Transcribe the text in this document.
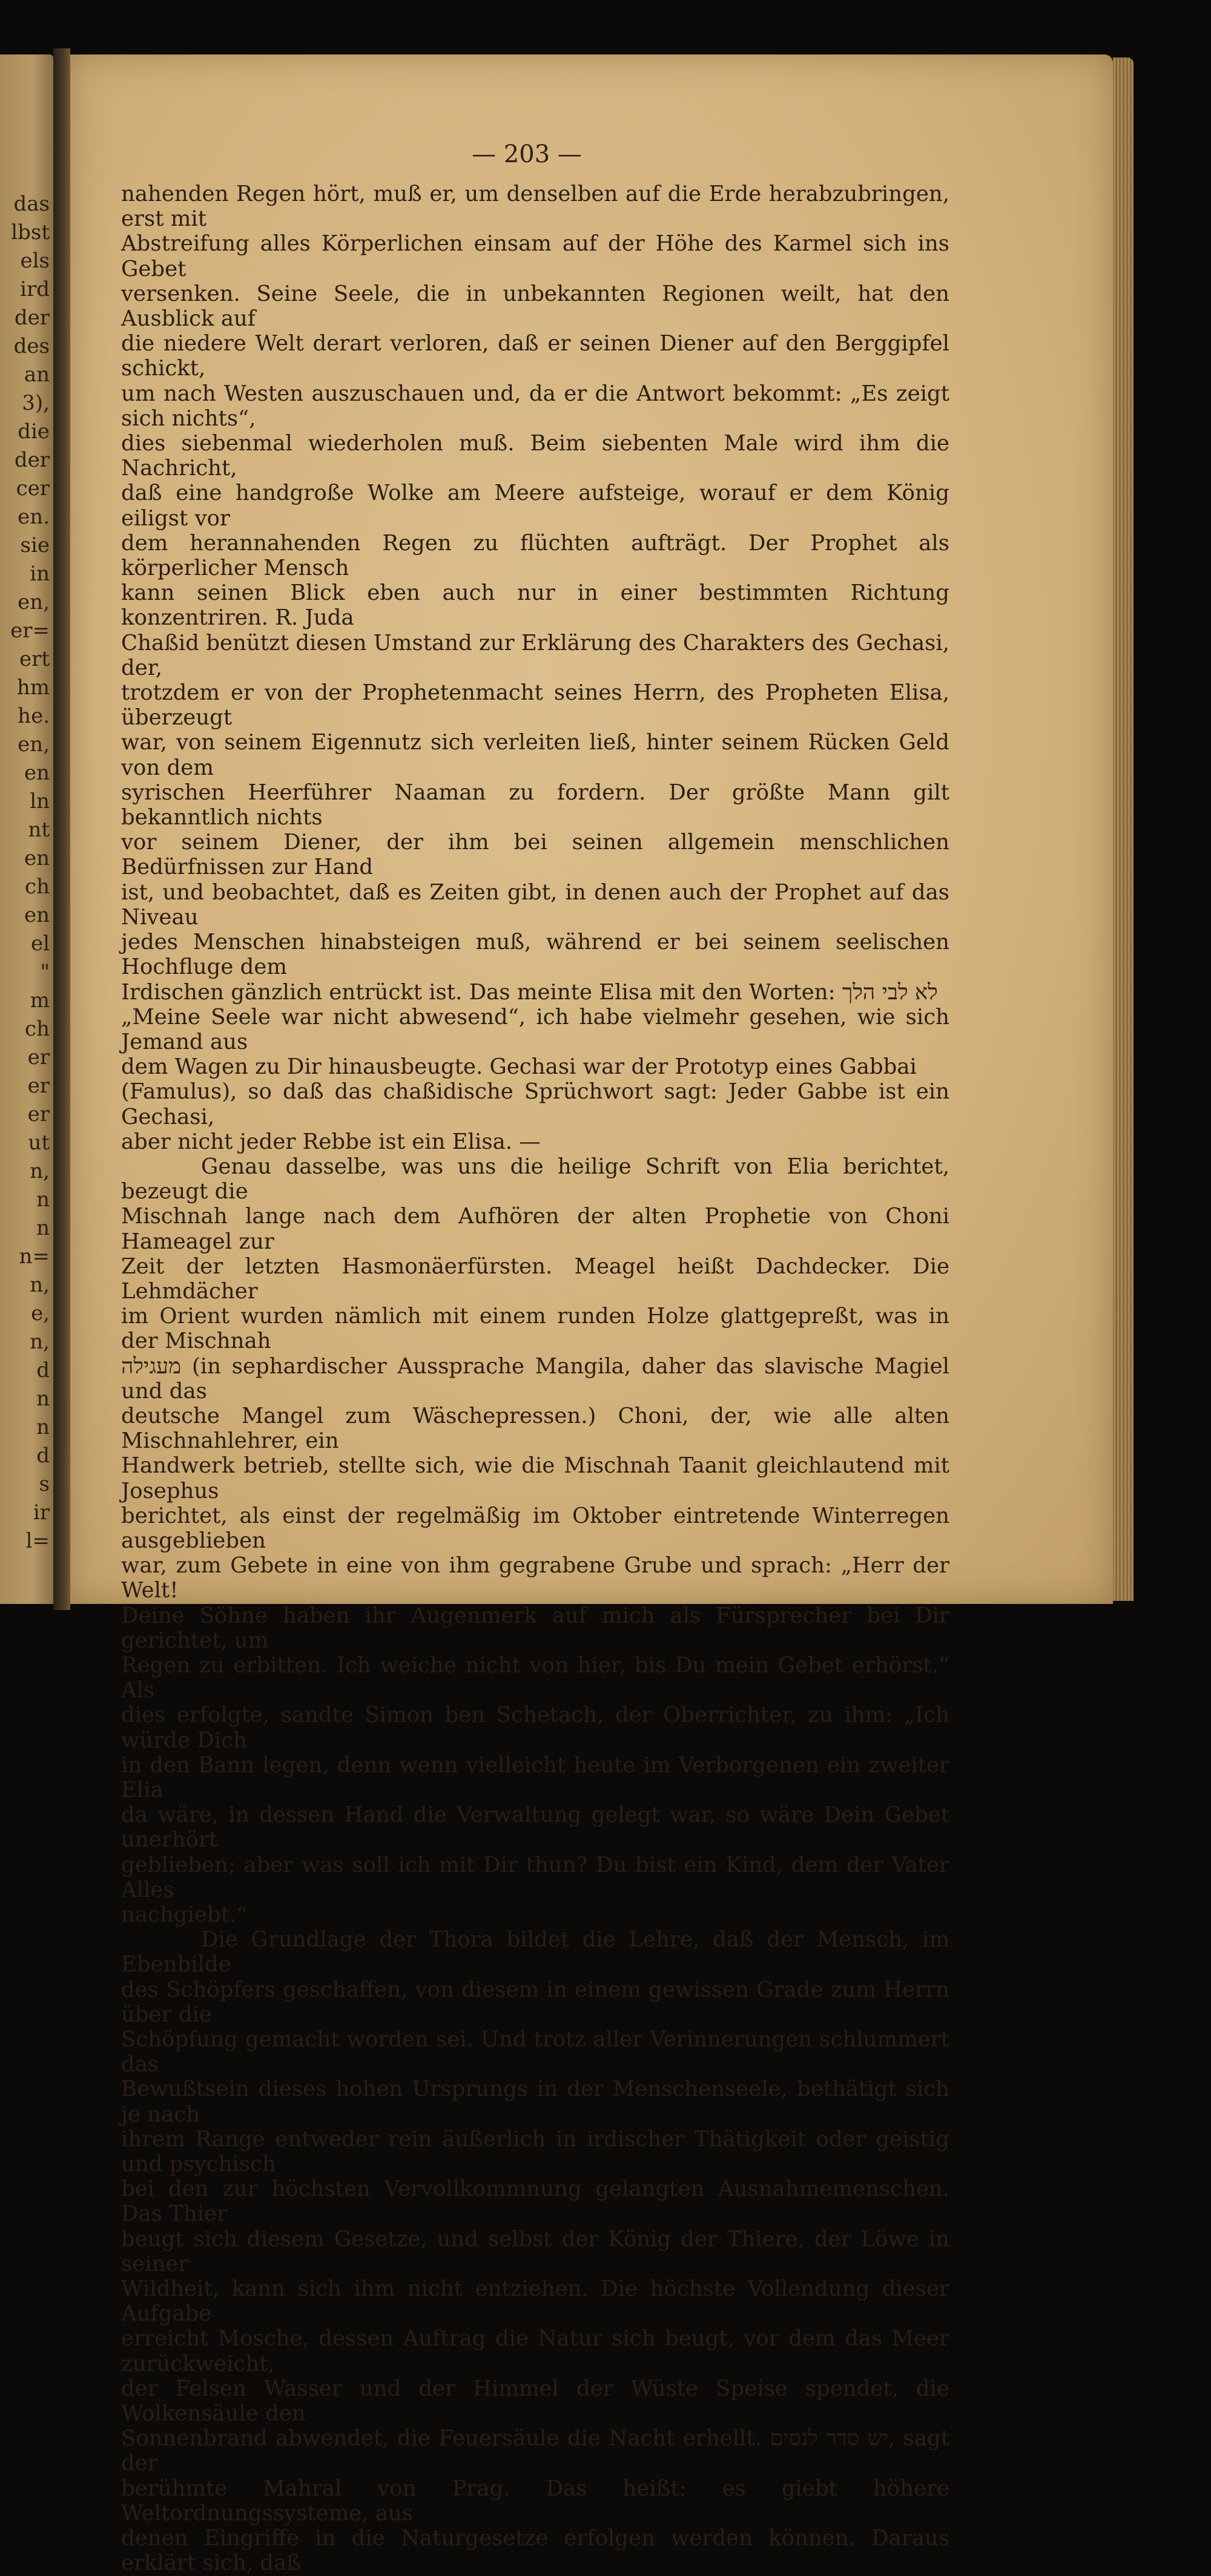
das
lbst
els
ird
der
des
an
3),
die
der
cer
en.
sie
in
en,
er=
ert
hm
he.
en,
en
ln
nt
en
ch
en
el
"
m
ch
er
er
er
ut
n,
n
n
n=
n,
e,
n,
d
n
n
d
s
ir
l=
— 203 —

nahenden Regen hört, muß er, um denselben auf die Erde herabzubringen, erst mit

Abstreifung alles Körperlichen einsam auf der Höhe des Karmel sich ins Gebet

versenken. Seine Seele, die in unbekannten Regionen weilt, hat den Ausblick auf

die niedere Welt derart verloren, daß er seinen Diener auf den Berggipfel schickt,

um nach Westen auszuschauen und, da er die Antwort bekommt: „Es zeigt sich nichts“,

dies siebenmal wiederholen muß. Beim siebenten Male wird ihm die Nachricht,

daß eine handgroße Wolke am Meere aufsteige, worauf er dem König eiligst vor

dem herannahenden Regen zu flüchten aufträgt. Der Prophet als körperlicher Mensch

kann seinen Blick eben auch nur in einer bestimmten Richtung konzentriren. R. Juda

Chaßid benützt diesen Umstand zur Erklärung des Charakters des Gechasi, der,

trotzdem er von der Prophetenmacht seines Herrn, des Propheten Elisa, überzeugt

war, von seinem Eigennutz sich verleiten ließ, hinter seinem Rücken Geld von dem

syrischen Heerführer Naaman zu fordern. Der größte Mann gilt bekanntlich nichts

vor seinem Diener, der ihm bei seinen allgemein menschlichen Bedürfnissen zur Hand

ist, und beobachtet, daß es Zeiten gibt, in denen auch der Prophet auf das Niveau

jedes Menschen hinabsteigen muß, während er bei seinem seelischen Hochfluge dem

Irdischen gänzlich entrückt ist. Das meinte Elisa mit den Worten: לא לבי הלך

„Meine Seele war nicht abwesend“, ich habe vielmehr gesehen, wie sich Jemand aus

dem Wagen zu Dir hinausbeugte. Gechasi war der Prototyp eines Gabbai

(Famulus), so daß das chaßidische Sprüchwort sagt: Jeder Gabbe ist ein Gechasi,

aber nicht jeder Rebbe ist ein Elisa. —

Genau dasselbe, was uns die heilige Schrift von Elia berichtet, bezeugt die

Mischnah lange nach dem Aufhören der alten Prophetie von Choni Hameagel zur

Zeit der letzten Hasmonäerfürsten. Meagel heißt Dachdecker. Die Lehmdächer

im Orient wurden nämlich mit einem runden Holze glattgepreßt, was in der Mischnah

מעגילה (in sephardischer Aussprache Mangila, daher das slavische Magiel und das

deutsche Mangel zum Wäschepressen.) Choni, der, wie alle alten Mischnahlehrer, ein

Handwerk betrieb, stellte sich, wie die Mischnah Taanit gleichlautend mit Josephus

berichtet, als einst der regelmäßig im Oktober eintretende Winterregen ausgeblieben

war, zum Gebete in eine von ihm gegrabene Grube und sprach: „Herr der Welt!

Deine Söhne haben ihr Augenmerk auf mich als Fürsprecher bei Dir gerichtet, um

Regen zu erbitten. Ich weiche nicht von hier, bis Du mein Gebet erhörst.“ Als

dies erfolgte, sandte Simon ben Schetach, der Oberrichter, zu ihm: „Ich würde Dich

in den Bann legen, denn wenn vielleicht heute im Verborgenen ein zweiter Elia

da wäre, in dessen Hand die Verwaltung gelegt war, so wäre Dein Gebet unerhört

geblieben; aber was soll ich mit Dir thun? Du bist ein Kind, dem der Vater Alles

nachgiebt.“

Die Grundlage der Thora bildet die Lehre, daß der Mensch, im Ebenbilde

des Schöpfers geschaffen, von diesem in einem gewissen Grade zum Herrn über die

Schöpfung gemacht worden sei. Und trotz aller Verinnerungen schlummert das

Bewußtsein dieses hohen Ursprungs in der Menschenseele, bethätigt sich je nach

ihrem Range entweder rein äußerlich in irdischer Thätigkeit oder geistig und psychisch

bei den zur höchsten Vervollkommnung gelangten Ausnahmemenschen. Das Thier

beugt sich diesem Gesetze, und selbst der König der Thiere, der Löwe in seiner

Wildheit, kann sich ihm nicht entziehen. Die höchste Vollendung dieser Aufgabe

erreicht Mosche, dessen Auftrag die Natur sich beugt, vor dem das Meer zurückweicht,

der Felsen Wasser und der Himmel der Wüste Speise spendet, die Wolkensäule den

Sonnenbrand abwendet, die Feuersäule die Nacht erhellt. יש סדר לנסים, sagt der

berühmte Mahral von Prag. Das heißt: es giebt höhere Weltordnungssysteme, aus

denen Eingriffe in die Naturgesetze erfolgen werden können. Daraus erklärt sich, daß
